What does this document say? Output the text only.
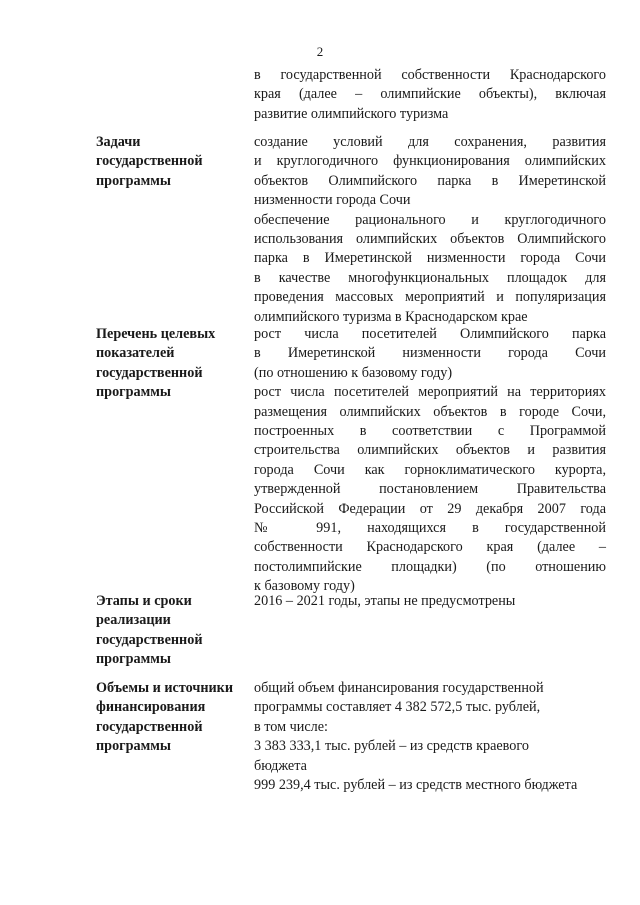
2
в государственной собственности Краснодарского
края (далее – олимпийские объекты), включая
развитие олимпийского туризма
Задачи
государственной
программы
создание условий для сохранения, развития
и круглогодичного функционирования олимпийских
объектов Олимпийского парка в Имеретинской
низменности города Сочи
обеспечение рационального и круглогодичного
использования олимпийских объектов Олимпийского
парка в Имеретинской низменности города Сочи
в качестве многофункциональных площадок для
проведения массовых мероприятий и популяризация
олимпийского туризма в Краснодарском крае
Перечень целевых
показателей
государственной
программы
рост числа посетителей Олимпийского парка
в Имеретинской низменности города Сочи
(по отношению к базовому году)
рост числа посетителей мероприятий на территориях
размещения олимпийских объектов в городе Сочи,
построенных в соответствии с Программой
строительства олимпийских объектов и развития
города Сочи как горноклиматического курорта,
утвержденной постановлением Правительства
Российской Федерации от 29 декабря 2007 года
№ 991, находящихся в государственной
собственности Краснодарского края (далее –
постолимпийские площадки) (по отношению
к базовому году)
Этапы и сроки
реализации
государственной
программы
2016 – 2021 годы, этапы не предусмотрены
Объемы и источники
финансирования
государственной
программы
общий объем финансирования государственной
программы составляет 4 382 572,5 тыс. рублей,
в том числе:
3 383 333,1 тыс. рублей – из средств краевого
бюджета
999 239,4 тыс. рублей – из средств местного бюджета
